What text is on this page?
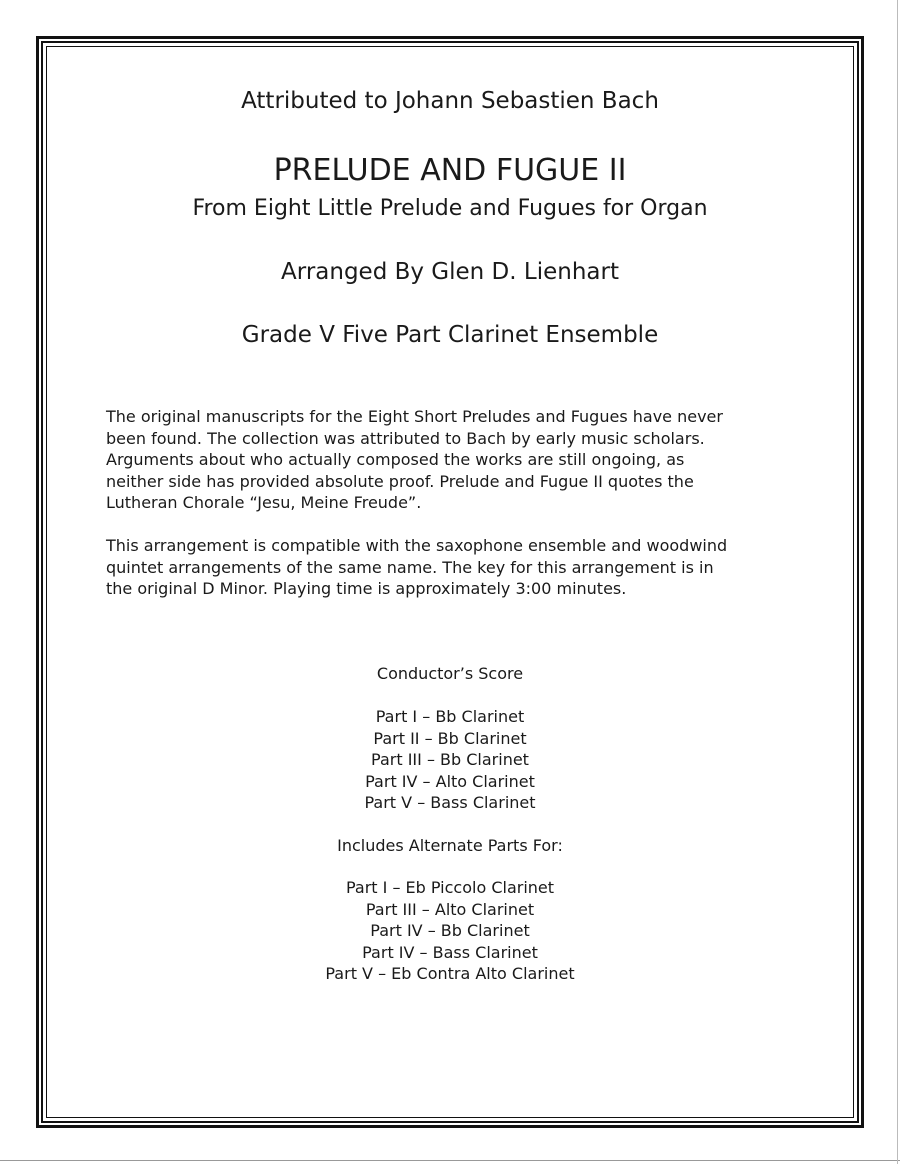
Attributed to Johann Sebastien Bach
PRELUDE AND FUGUE II
From Eight Little Prelude and Fugues for Organ
Arranged By Glen D. Lienhart
Grade V Five Part Clarinet Ensemble
The original manuscripts for the Eight Short Preludes and Fugues have never
been found. The collection was attributed to Bach by early music scholars.
Arguments about who actually composed the works are still ongoing, as
neither side has provided absolute proof. Prelude and Fugue II quotes the
Lutheran Chorale “Jesu, Meine Freude”.
This arrangement is compatible with the saxophone ensemble and woodwind
quintet arrangements of the same name. The key for this arrangement is in
the original D Minor. Playing time is approximately 3:00 minutes.
Conductor’s Score
Part I – Bb Clarinet
Part II – Bb Clarinet
Part III – Bb Clarinet
Part IV – Alto Clarinet
Part V – Bass Clarinet
Includes Alternate Parts For:
Part I – Eb Piccolo Clarinet
Part III – Alto Clarinet
Part IV – Bb Clarinet
Part IV – Bass Clarinet
Part V – Eb Contra Alto Clarinet
